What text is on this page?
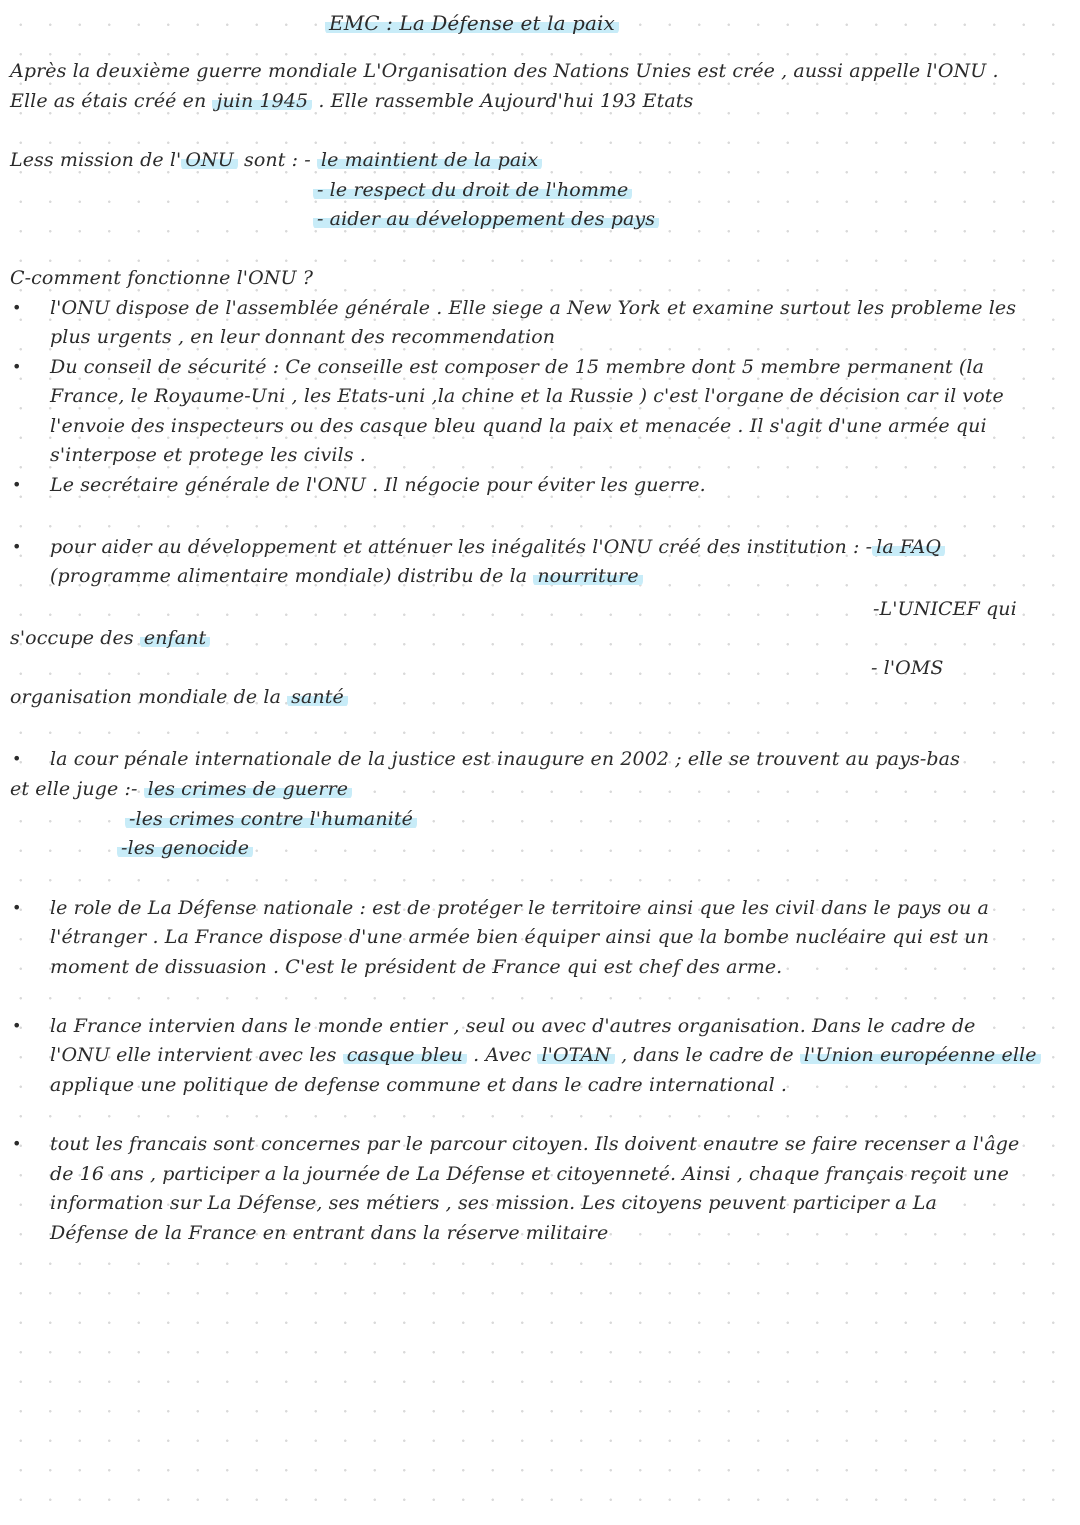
EMC : La Défense et la paix
Après la deuxième guerre mondiale L'Organisation des Nations Unies est crée , aussi appelle l'ONU .
Elle as étais créé en juin 1945 . Elle rassemble Aujourd'hui 193 Etats
Less mission de l' ONU sont : - le maintient de la paix
- le respect du droit de l'homme
- aider au développement des pays
C-comment fonctionne l'ONU ?
• l'ONU dispose de l'assemblée générale . Elle siege a New York et examine surtout les probleme les
plus urgents , en leur donnant des recommendation
• Du conseil de sécurité : Ce conseille est composer de 15 membre dont 5 membre permanent (la
France, le Royaume-Uni , les Etats-uni ,la chine et la Russie ) c'est l'organe de décision car il vote
l'envoie des inspecteurs ou des casque bleu quand la paix et menacée . Il s'agit d'une armée qui
s'interpose et protege les civils .
• Le secrétaire générale de l'ONU . Il négocie pour éviter les guerre.
• pour aider au développement et atténuer les inégalités l'ONU créé des institution : - la FAQ
(programme alimentaire mondiale) distribu de la nourriture
-L'UNICEF qui
s'occupe des enfant
- l'OMS
organisation mondiale de la santé
• la cour pénale internationale de la justice est inaugure en 2002 ; elle se trouvent au pays-bas
et elle juge :- les crimes de guerre
-les crimes contre l'humanité
-les genocide
• le role de La Défense nationale : est de protéger le territoire ainsi que les civil dans le pays ou a
l'étranger . La France dispose d'une armée bien équiper ainsi que la bombe nucléaire qui est un
moment de dissuasion . C'est le président de France qui est chef des arme.
• la France intervien dans le monde entier , seul ou avec d'autres organisation. Dans le cadre de
l'ONU elle intervient avec les casque bleu . Avec l'OTAN , dans le cadre de l'Union européenne elle
applique une politique de defense commune et dans le cadre international .
• tout les francais sont concernes par le parcour citoyen. Ils doivent enautre se faire recenser a l'âge
de 16 ans , participer a la journée de La Défense et citoyenneté. Ainsi , chaque français reçoit une
information sur La Défense, ses métiers , ses mission. Les citoyens peuvent participer a La
Défense de la France en entrant dans la réserve militaire
